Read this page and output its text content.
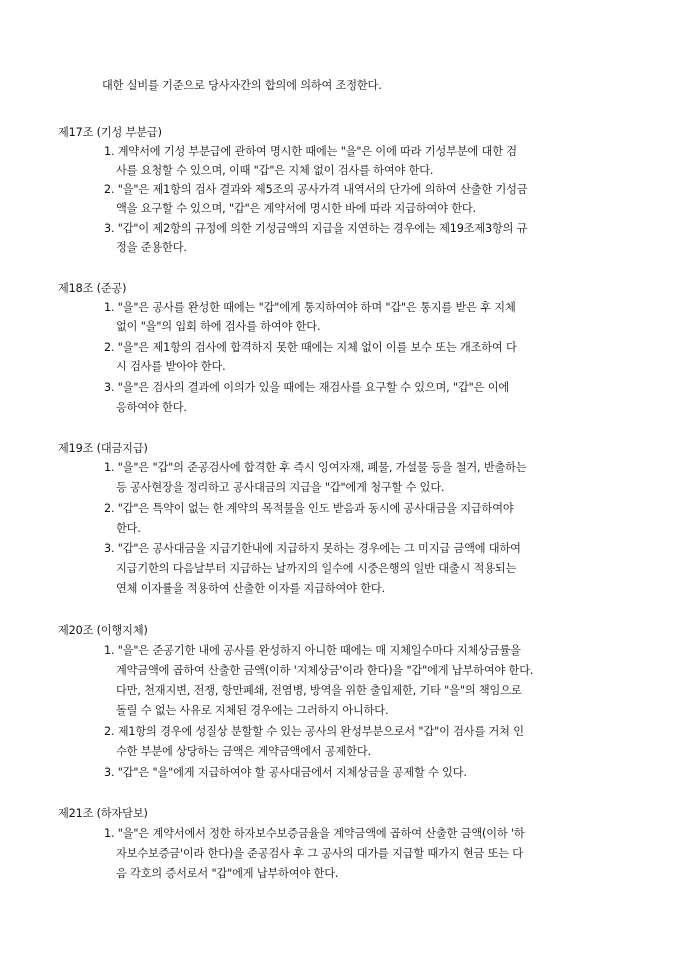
대한 실비를 기준으로 당사자간의 합의에 의하여 조정한다.
제17조 (기성 부분급)
1. 계약서에 기성 부분급에 관하여 명시한 때에는 "을"은 이에 따라 기성부분에 대한 검
사를 요청할 수 있으며, 이때 "갑"은 지체 없이 검사를 하여야 한다.
2. "을"은 제1항의 검사 결과와 제5조의 공사가격 내역서의 단가에 의하여 산출한 기성금
액을 요구할 수 있으며, "갑"은 계약서에 명시한 바에 따라 지급하여야 한다.
3. "갑"이 제2항의 규정에 의한 기성금액의 지급을 지연하는 경우에는 제19조제3항의 규
정을 준용한다.
제18조 (준공)
1. "을"은 공사를 완성한 때에는 "갑"에게 통지하여야 하며 "갑"은 통지를 받은 후 지체
없이 "을"의 입회 하에 검사를 하여야 한다.
2. "을"은 제1항의 검사에 합격하지 못한 때에는 지체 없이 이를 보수 또는 개조하여 다
시 검사를 받아야 한다.
3. "을"은 검사의 결과에 이의가 있을 때에는 재검사를 요구할 수 있으며, "갑"은 이에
응하여야 한다.
제19조 (대금지급)
1. "을"은 "갑"의 준공검사에 합격한 후 즉시 잉여자재, 폐물, 가설물 등을 철거, 반출하는
등 공사현장을 정리하고 공사대금의 지급을 "갑"에게 청구할 수 있다.
2. "갑"은 특약이 없는 한 계약의 목적물을 인도 받음과 동시에 공사대금을 지급하여야
한다.
3. "갑"은 공사대금을 지급기한내에 지급하지 못하는 경우에는 그 미지급 금액에 대하여
지급기한의 다음날부터 지급하는 날까지의 일수에 시중은행의 일반 대출시 적용되는
연체 이자률을 적용하여 산출한 이자를 지급하여야 한다.
제20조 (이행지체)
1. "을"은 준공기한 내에 공사를 완성하지 아니한 때에는 매 지체일수마다 지체상금률을
계약금액에 곱하여 산출한 금액(이하 '지체상금'이라 한다)을 "갑"에게 납부하여야 한다.
다만, 천재지변, 전쟁, 항만폐쇄, 전염병, 방역을 위한 출입제한, 기타 "을"의 책임으로
돌릴 수 없는 사유로 지체된 경우에는 그러하지 아니하다.
2. 제1항의 경우에 성질상 분할할 수 있는 공사의 완성부분으로서 "갑"이 검사를 거쳐 인
수한 부분에 상당하는 금액은 계약금액에서 공제한다.
3. "갑"은 "을"에게 지급하여야 할 공사대금에서 지체상금을 공제할 수 있다.
제21조 (하자담보)
1. "을"은 계약서에서 정한 하자보수보증금율을 계약금액에 곱하여 산출한 금액(이하 '하
자보수보증금'이라 한다)을 준공검사 후 그 공사의 대가를 지급할 때가지 현금 또는 다
음 각호의 증서로서 "갑"에게 납부하여야 한다.
